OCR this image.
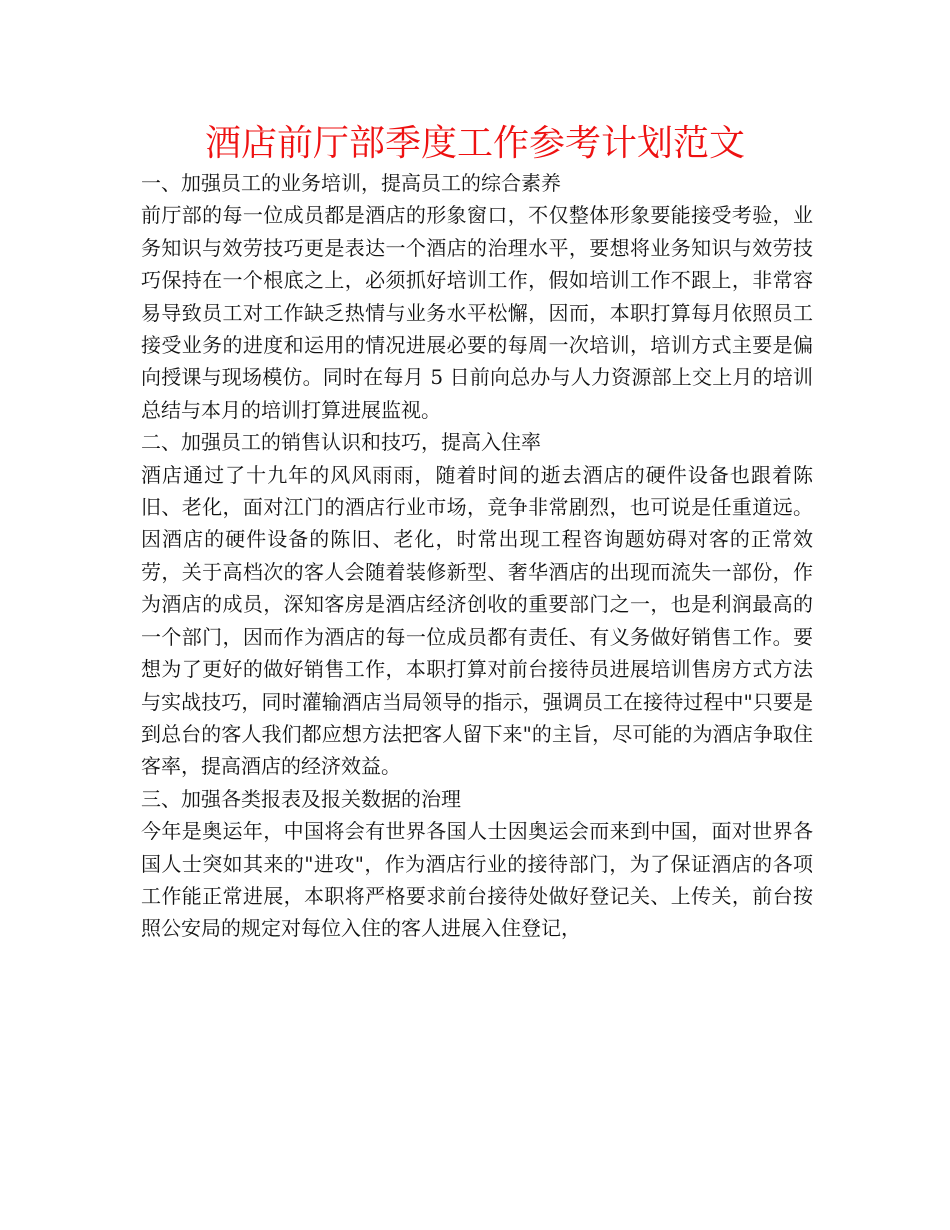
酒店前厅部季度工作参考计划范文

一、加强员工的业务培训，提高员工的综合素养

前厅部的每一位成员都是酒店的形象窗口，不仅整体形象要能接受考验，业务知识与效劳技巧更是表达一个酒店的治理水平，要想将业务知识与效劳技巧保持在一个根底之上，必须抓好培训工作，假如培训工作不跟上，非常容易导致员工对工作缺乏热情与业务水平松懈，因而，本职打算每月依照员工接受业务的进度和运用的情况进展必要的每周一次培训，培训方式主要是偏向授课与现场模仿。同时在每月 5 日前向总办与人力资源部上交上月的培训总结与本月的培训打算进展监视。

二、加强员工的销售认识和技巧，提高入住率

酒店通过了十九年的风风雨雨，随着时间的逝去酒店的硬件设备也跟着陈旧、老化，面对江门的酒店行业市场，竞争非常剧烈，也可说是任重道远。因酒店的硬件设备的陈旧、老化，时常出现工程咨询题妨碍对客的正常效劳，关于高档次的客人会随着装修新型、奢华酒店的出现而流失一部份，作为酒店的成员，深知客房是酒店经济创收的重要部门之一，也是利润最高的一个部门，因而作为酒店的每一位成员都有责任、有义务做好销售工作。要想为了更好的做好销售工作，本职打算对前台接待员进展培训售房方式方法与实战技巧，同时灌输酒店当局领导的指示，强调员工在接待过程中"只要是到总台的客人我们都应想方法把客人留下来"的主旨，尽可能的为酒店争取住客率，提高酒店的经济效益。

三、加强各类报表及报关数据的治理

今年是奥运年，中国将会有世界各国人士因奥运会而来到中国，面对世界各国人士突如其来的"进攻"，作为酒店行业的接待部门，为了保证酒店的各项工作能正常进展，本职将严格要求前台接待处做好登记关、上传关，前台按照公安局的规定对每位入住的客人进展入住登记，
